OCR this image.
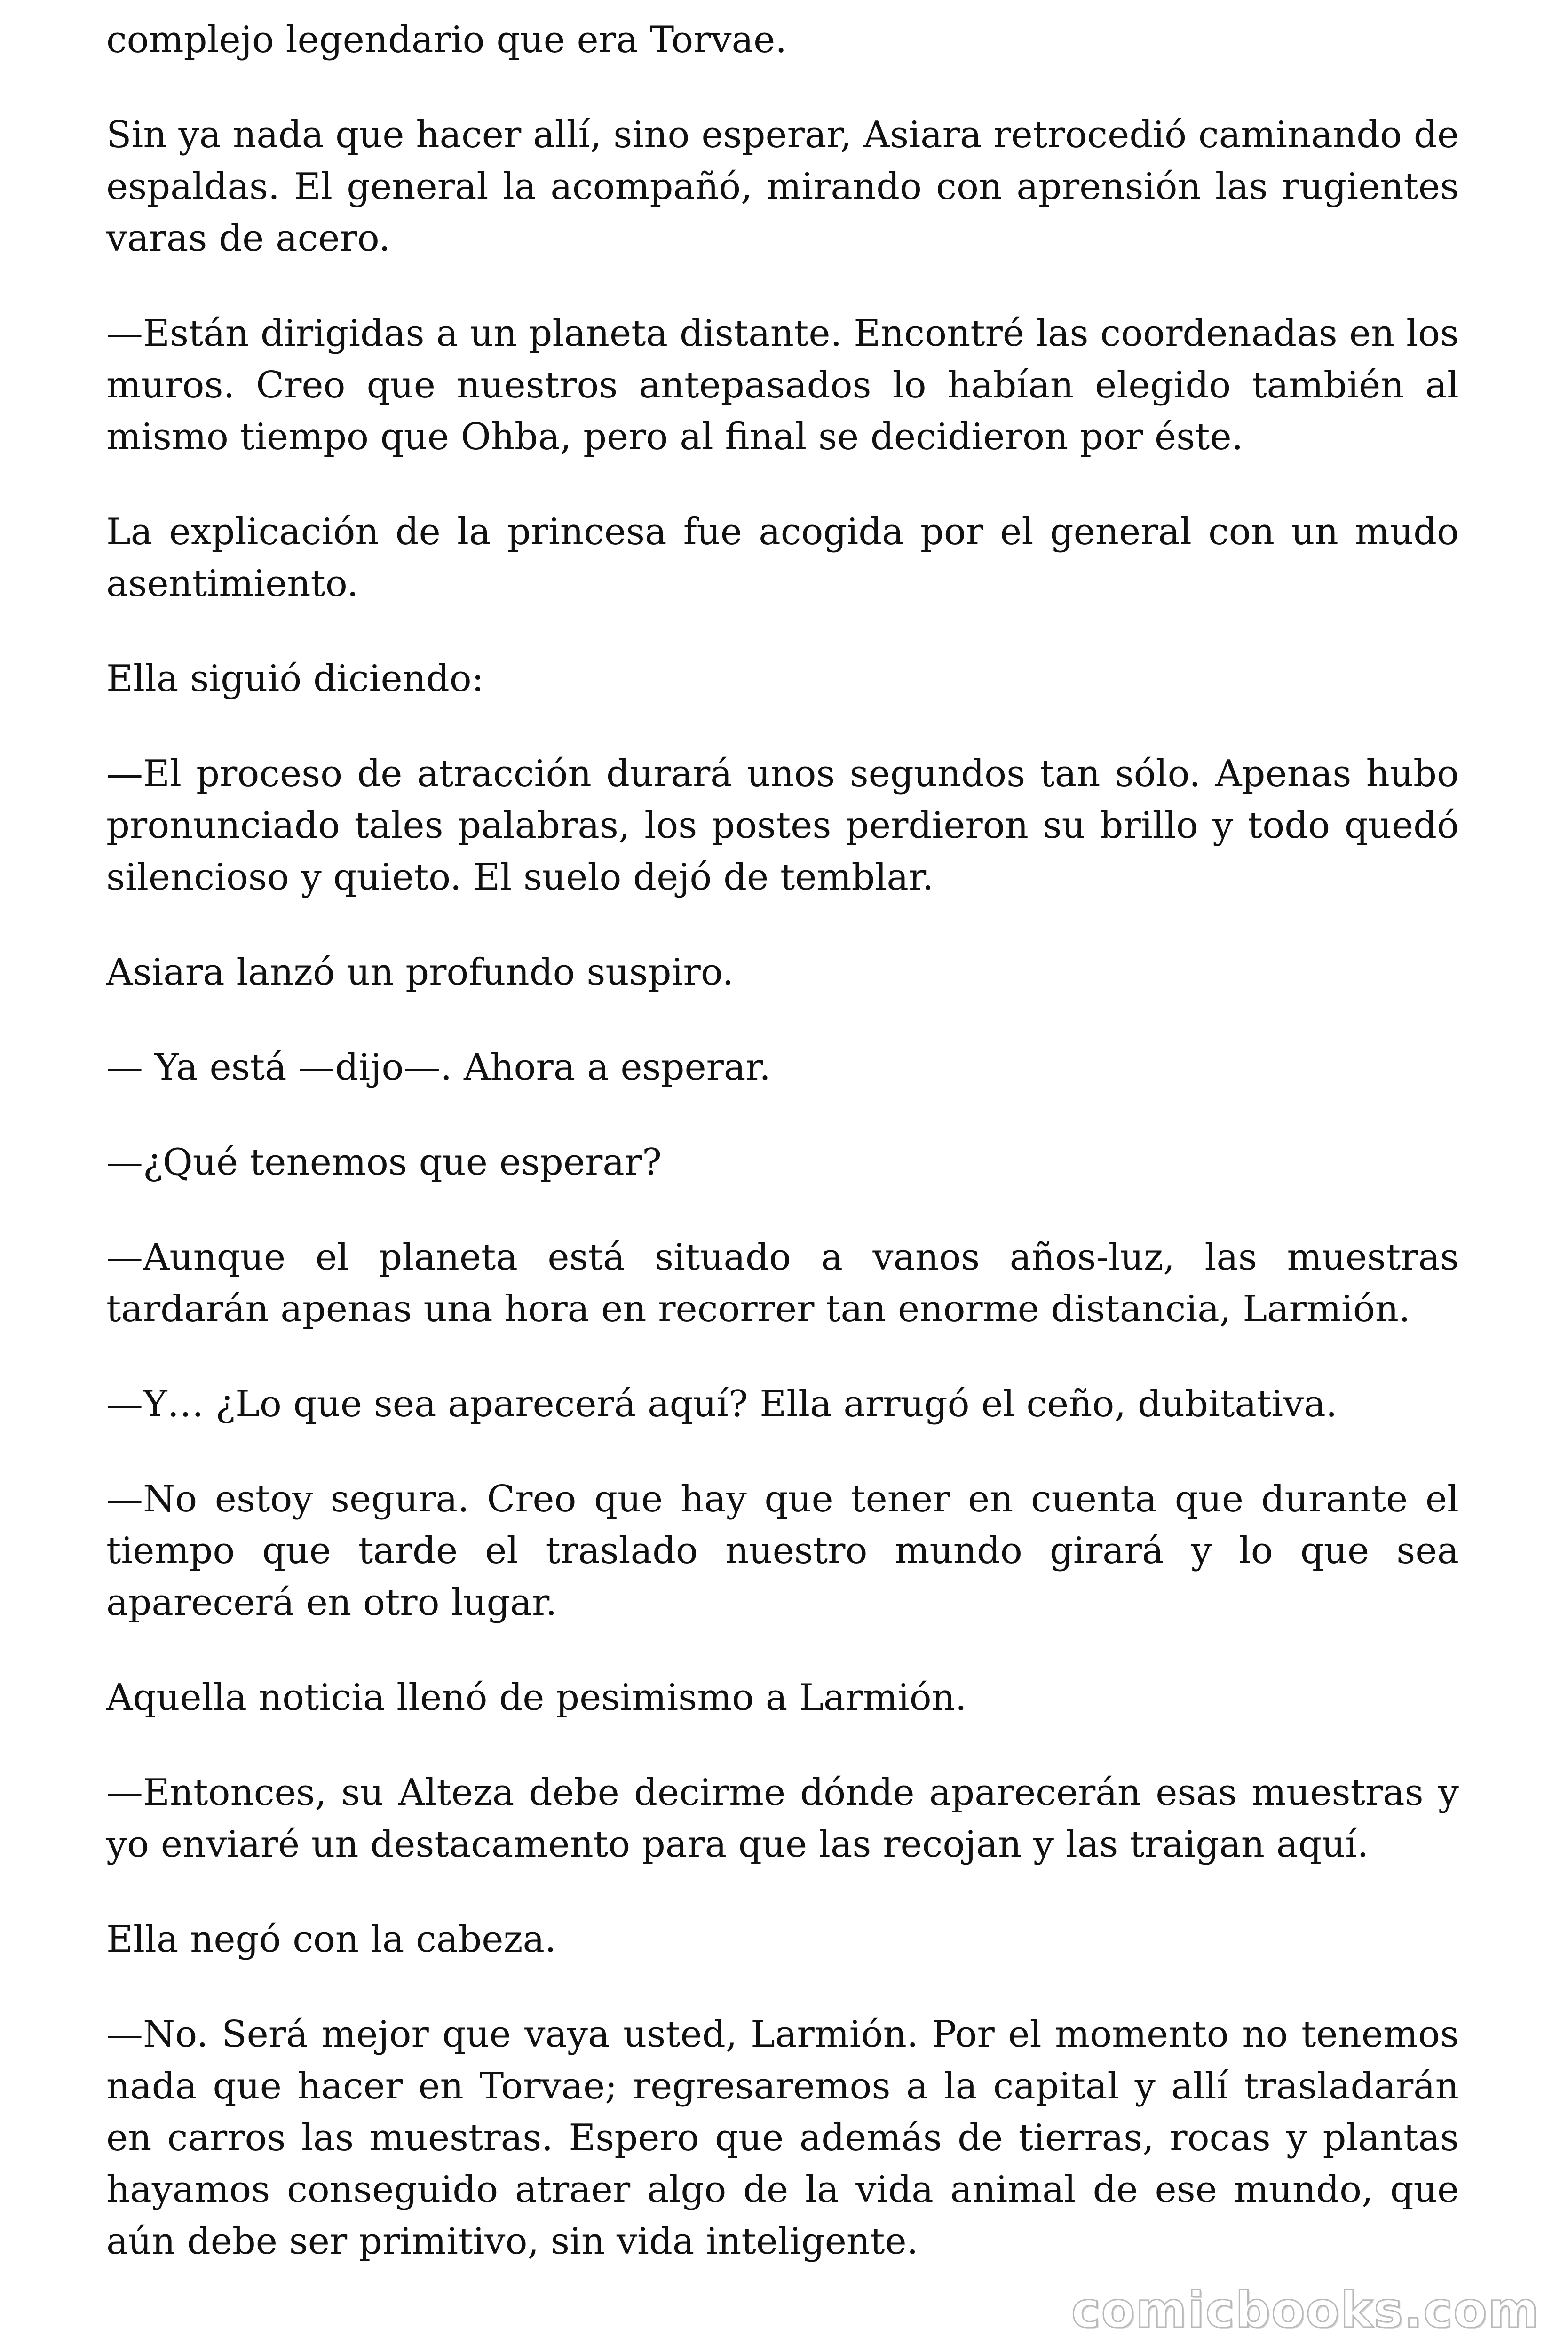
complejo legendario que era Torvae.

Sin ya nada que hacer allí, sino esperar, Asiara retrocedió caminando de espaldas. El general la acompañó, mirando con aprensión las rugientes varas de acero.

—Están dirigidas a un planeta distante. Encontré las coordenadas en los muros. Creo que nuestros antepasados lo habían elegido también al mismo tiempo que Ohba, pero al final se decidieron por éste.

La explicación de la princesa fue acogida por el general con un mudo asentimiento.

Ella siguió diciendo:

—El proceso de atracción durará unos segundos tan sólo. Apenas hubo pronunciado tales palabras, los postes perdieron su brillo y todo quedó silencioso y quieto. El suelo dejó de temblar.

Asiara lanzó un profundo suspiro.

— Ya está —dijo—. Ahora a esperar.

—¿Qué tenemos que esperar?

—Aunque el planeta está situado a vanos años-luz, las muestras tardarán apenas una hora en recorrer tan enorme distancia, Larmión.

—Y… ¿Lo que sea aparecerá aquí? Ella arrugó el ceño, dubitativa.

—No estoy segura. Creo que hay que tener en cuenta que durante el tiempo que tarde el traslado nuestro mundo girará y lo que sea aparecerá en otro lugar.

Aquella noticia llenó de pesimismo a Larmión.

—Entonces, su Alteza debe decirme dónde aparecerán esas muestras y yo enviaré un destacamento para que las recojan y las traigan aquí.

Ella negó con la cabeza.

—No. Será mejor que vaya usted, Larmión. Por el momento no tenemos nada que hacer en Torvae; regresaremos a la capital y allí trasladarán en carros las muestras. Espero que además de tierras, rocas y plantas hayamos conseguido atraer algo de la vida animal de ese mundo, que aún debe ser primitivo, sin vida inteligente.

comicbooks.com
